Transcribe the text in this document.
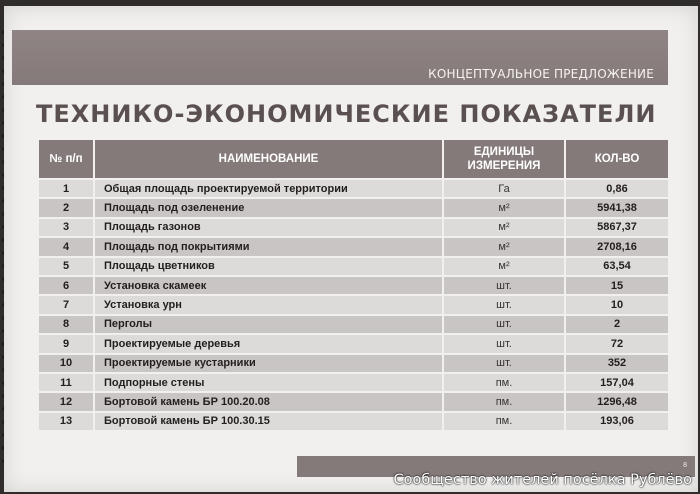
КОНЦЕПТУАЛЬНОЕ ПРЕДЛОЖЕНИЕ
ТЕХНИКО-ЭКОНОМИЧЕСКИЕ ПОКАЗАТЕЛИ
№ п/п	НАИМЕНОВАНИЕ	ЕДИНИЦЫ ИЗМЕРЕНИЯ	КОЛ-ВО
1	Общая площадь проектируемой территории	Га	0,86
2	Площадь под озеленение	м²	5941,38
3	Площадь газонов	м²	5867,37
4	Площадь под покрытиями	м²	2708,16
5	Площадь цветников	м²	63,54
6	Установка скамеек	шт.	15
7	Установка урн	шт.	10
8	Перголы	шт.	2
9	Проектируемые деревья	шт.	72
10	Проектируемые кустарники	шт.	352
11	Подпорные стены	пм.	157,04
12	Бортовой камень БР 100.20.08	пм.	1296,48
13	Бортовой камень БР 100.30.15	пм.	193,06
8
Сообщество жителей посёлка Рублёво
